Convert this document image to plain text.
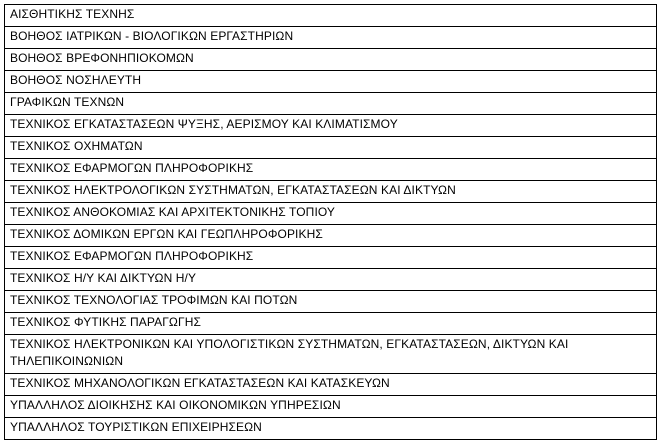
ΑΙΣΘΗΤΙΚΗΣ ΤΕΧΝΗΣ
ΒΟΗΘΟΣ ΙΑΤΡΙΚΩΝ - ΒΙΟΛΟΓΙΚΩΝ ΕΡΓΑΣΤΗΡΙΩΝ
ΒΟΗΘΟΣ ΒΡΕΦΟΝΗΠΙΟΚΟΜΩΝ
ΒΟΗΘΟΣ ΝΟΣΗΛΕΥΤΗ
ΓΡΑΦΙΚΩΝ ΤΕΧΝΩΝ
ΤΕΧΝΙΚΟΣ ΕΓΚΑΤΑΣΤΑΣΕΩΝ ΨΥΞΗΣ, ΑΕΡΙΣΜΟΥ ΚΑΙ ΚΛΙΜΑΤΙΣΜΟΥ
ΤΕΧΝΙΚΟΣ ΟΧΗΜΑΤΩΝ
ΤΕΧΝΙΚΟΣ ΕΦΑΡΜΟΓΩΝ ΠΛΗΡΟΦΟΡΙΚΗΣ
ΤΕΧΝΙΚΟΣ ΗΛΕΚΤΡΟΛΟΓΙΚΩΝ ΣΥΣΤΗΜΑΤΩΝ, ΕΓΚΑΤΑΣΤΑΣΕΩΝ ΚΑΙ ΔΙΚΤΥΩΝ
ΤΕΧΝΙΚΟΣ ΑΝΘΟΚΟΜΙΑΣ ΚΑΙ ΑΡΧΙΤΕΚΤΟΝΙΚΗΣ ΤΟΠΙΟΥ
ΤΕΧΝΙΚΟΣ ΔΟΜΙΚΩΝ ΕΡΓΩΝ ΚΑΙ ΓΕΩΠΛΗΡΟΦΟΡΙΚΗΣ
ΤΕΧΝΙΚΟΣ ΕΦΑΡΜΟΓΩΝ ΠΛΗΡΟΦΟΡΙΚΗΣ
ΤΕΧΝΙΚΟΣ Η/Υ ΚΑΙ ΔΙΚΤΥΩΝ Η/Υ
ΤΕΧΝΙΚΟΣ ΤΕΧΝΟΛΟΓΙΑΣ ΤΡΟΦΙΜΩΝ ΚΑΙ ΠΟΤΩΝ
ΤΕΧΝΙΚΟΣ ΦΥΤΙΚΗΣ ΠΑΡΑΓΩΓΗΣ
ΤΕΧΝΙΚΟΣ ΗΛΕΚΤΡΟΝΙΚΩΝ ΚΑΙ ΥΠΟΛΟΓΙΣΤΙΚΩΝ ΣΥΣΤΗΜΑΤΩΝ, ΕΓΚΑΤΑΣΤΑΣΕΩΝ, ΔΙΚΤΥΩΝ ΚΑΙ ΤΗΛΕΠΙΚΟΙΝΩΝΙΩΝ
ΤΕΧΝΙΚΟΣ ΜΗΧΑΝΟΛΟΓΙΚΩΝ ΕΓΚΑΤΑΣΤΑΣΕΩΝ ΚΑΙ ΚΑΤΑΣΚΕΥΩΝ
ΥΠΑΛΛΗΛΟΣ ΔΙΟΙΚΗΣΗΣ ΚΑΙ ΟΙΚΟΝΟΜΙΚΩΝ ΥΠΗΡΕΣΙΩΝ
ΥΠΑΛΛΗΛΟΣ ΤΟΥΡΙΣΤΙΚΩΝ ΕΠΙΧΕΙΡΗΣΕΩΝ
